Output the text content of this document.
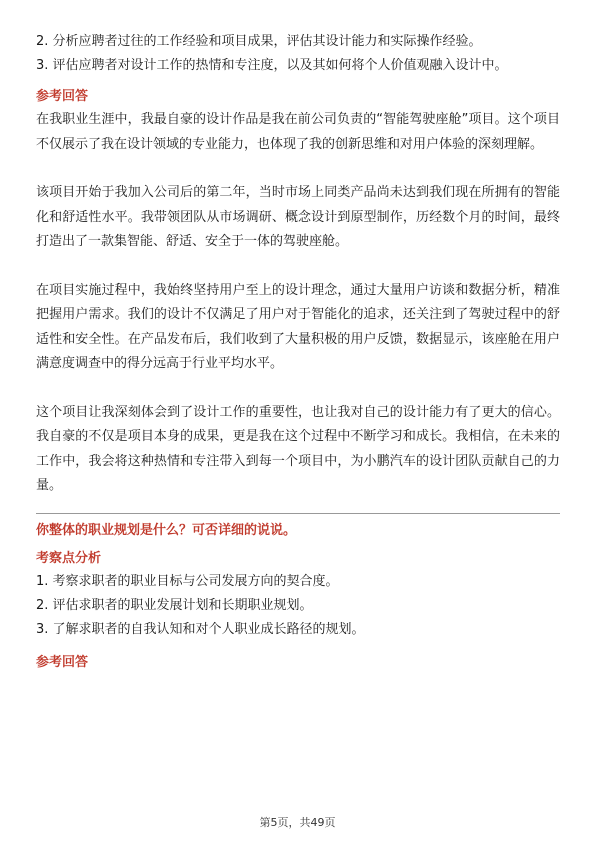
2. 分析应聘者过往的工作经验和项目成果，评估其设计能力和实际操作经验。

3. 评估应聘者对设计工作的热情和专注度，以及其如何将个人价值观融入设计中。

参考回答

在我职业生涯中，我最自豪的设计作品是我在前公司负责的“智能驾驶座舱”项目。这个项目不仅展示了我在设计领域的专业能力，也体现了我的创新思维和对用户体验的深刻理解。

该项目开始于我加入公司后的第二年，当时市场上同类产品尚未达到我们现在所拥有的智能化和舒适性水平。我带领团队从市场调研、概念设计到原型制作，历经数个月的时间，最终打造出了一款集智能、舒适、安全于一体的驾驶座舱。

在项目实施过程中，我始终坚持用户至上的设计理念，通过大量用户访谈和数据分析，精准把握用户需求。我们的设计不仅满足了用户对于智能化的追求，还关注到了驾驶过程中的舒适性和安全性。在产品发布后，我们收到了大量积极的用户反馈，数据显示，该座舱在用户满意度调查中的得分远高于行业平均水平。

这个项目让我深刻体会到了设计工作的重要性，也让我对自己的设计能力有了更大的信心。我自豪的不仅是项目本身的成果，更是我在这个过程中不断学习和成长。我相信，在未来的工作中，我会将这种热情和专注带入到每一个项目中，为小鹏汽车的设计团队贡献自己的力量。

你整体的职业规划是什么？可否详细的说说。

考察点分析

1. 考察求职者的职业目标与公司发展方向的契合度。

2. 评估求职者的职业发展计划和长期职业规划。

3. 了解求职者的自我认知和对个人职业成长路径的规划。

参考回答

第5页，共49页
